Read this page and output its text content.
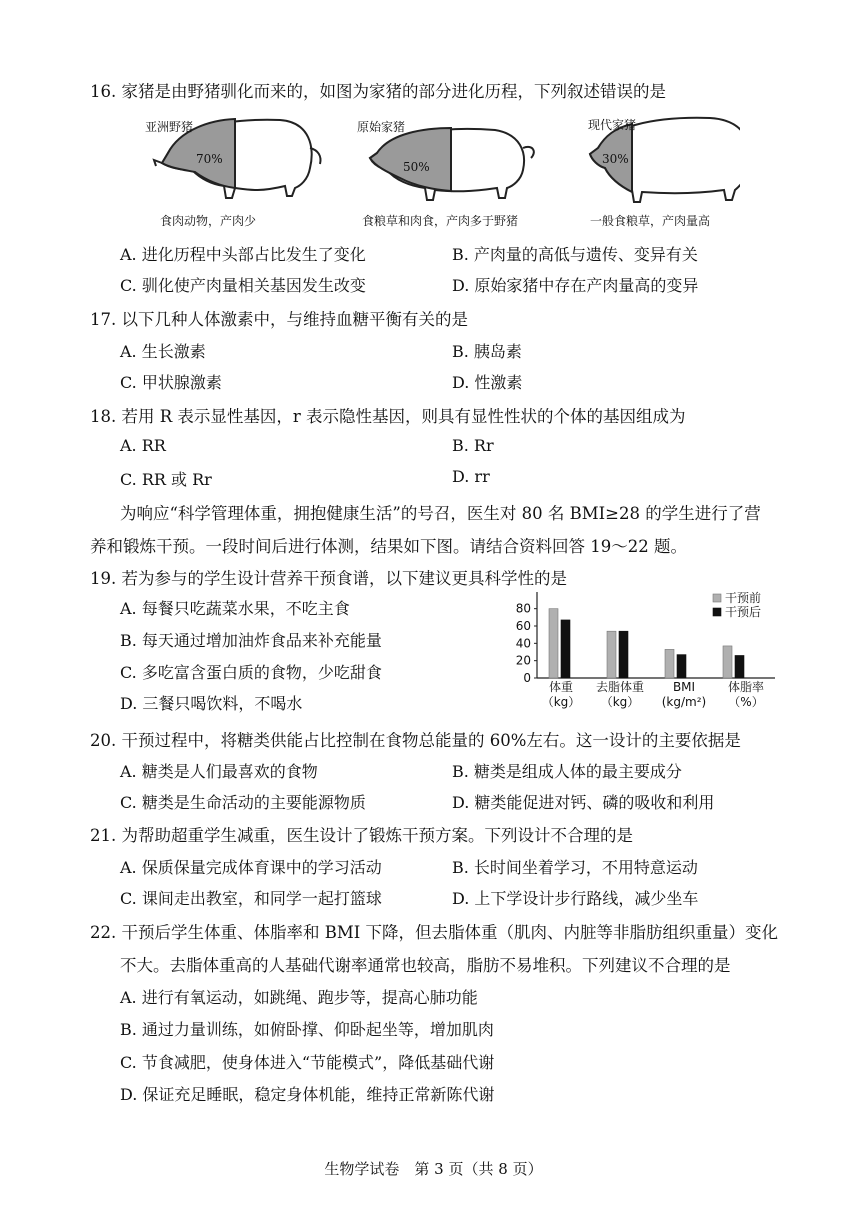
16. 家猪是由野猪驯化而来的，如图为家猪的部分进化历程，下列叙述错误的是
亚洲野猪
70%
食肉动物，产肉少
原始家猪
50%
食粮草和肉食，产肉多于野猪
现代家猪
30%
一般食粮草，产肉量高
A. 进化历程中头部占比发生了变化	B. 产肉量的高低与遗传、变异有关
C. 驯化使产肉量相关基因发生改变	D. 原始家猪中存在产肉量高的变异
17. 以下几种人体激素中，与维持血糖平衡有关的是
A. 生长激素	B. 胰岛素
C. 甲状腺激素	D. 性激素
18. 若用 R 表示显性基因，r 表示隐性基因，则具有显性性状的个体的基因组成为
A. RR	B. Rr
C. RR 或 Rr	D. rr
为响应“科学管理体重，拥抱健康生活”的号召，医生对 80 名 BMI≥28 的学生进行了营
养和锻炼干预。一段时间后进行体测，结果如下图。请结合资料回答 19～22 题。
19. 若为参与的学生设计营养干预食谱，以下建议更具科学性的是
A. 每餐只吃蔬菜水果，不吃主食
B. 每天通过增加油炸食品来补充能量
C. 多吃富含蛋白质的食物，少吃甜食
D. 三餐只喝饮料，不喝水
0
20
40
60
80
干预前
干预后
体重
（kg）
去脂体重
（kg）
BMI
(kg/m²)
体脂率
（%）
20. 干预过程中，将糖类供能占比控制在食物总能量的 60%左右。这一设计的主要依据是
A. 糖类是人们最喜欢的食物	B. 糖类是组成人体的最主要成分
C. 糖类是生命活动的主要能源物质	D. 糖类能促进对钙、磷的吸收和利用
21. 为帮助超重学生减重，医生设计了锻炼干预方案。下列设计不合理的是
A. 保质保量完成体育课中的学习活动	B. 长时间坐着学习，不用特意运动
C. 课间走出教室，和同学一起打篮球	D. 上下学设计步行路线，减少坐车
22. 干预后学生体重、体脂率和 BMI 下降，但去脂体重（肌肉、内脏等非脂肪组织重量）变化
不大。去脂体重高的人基础代谢率通常也较高，脂肪不易堆积。下列建议不合理的是
A. 进行有氧运动，如跳绳、跑步等，提高心肺功能
B. 通过力量训练，如俯卧撑、仰卧起坐等，增加肌肉
C. 节食减肥，使身体进入“节能模式”，降低基础代谢
D. 保证充足睡眠，稳定身体机能，维持正常新陈代谢
生物学试卷　第 3 页（共 8 页）
